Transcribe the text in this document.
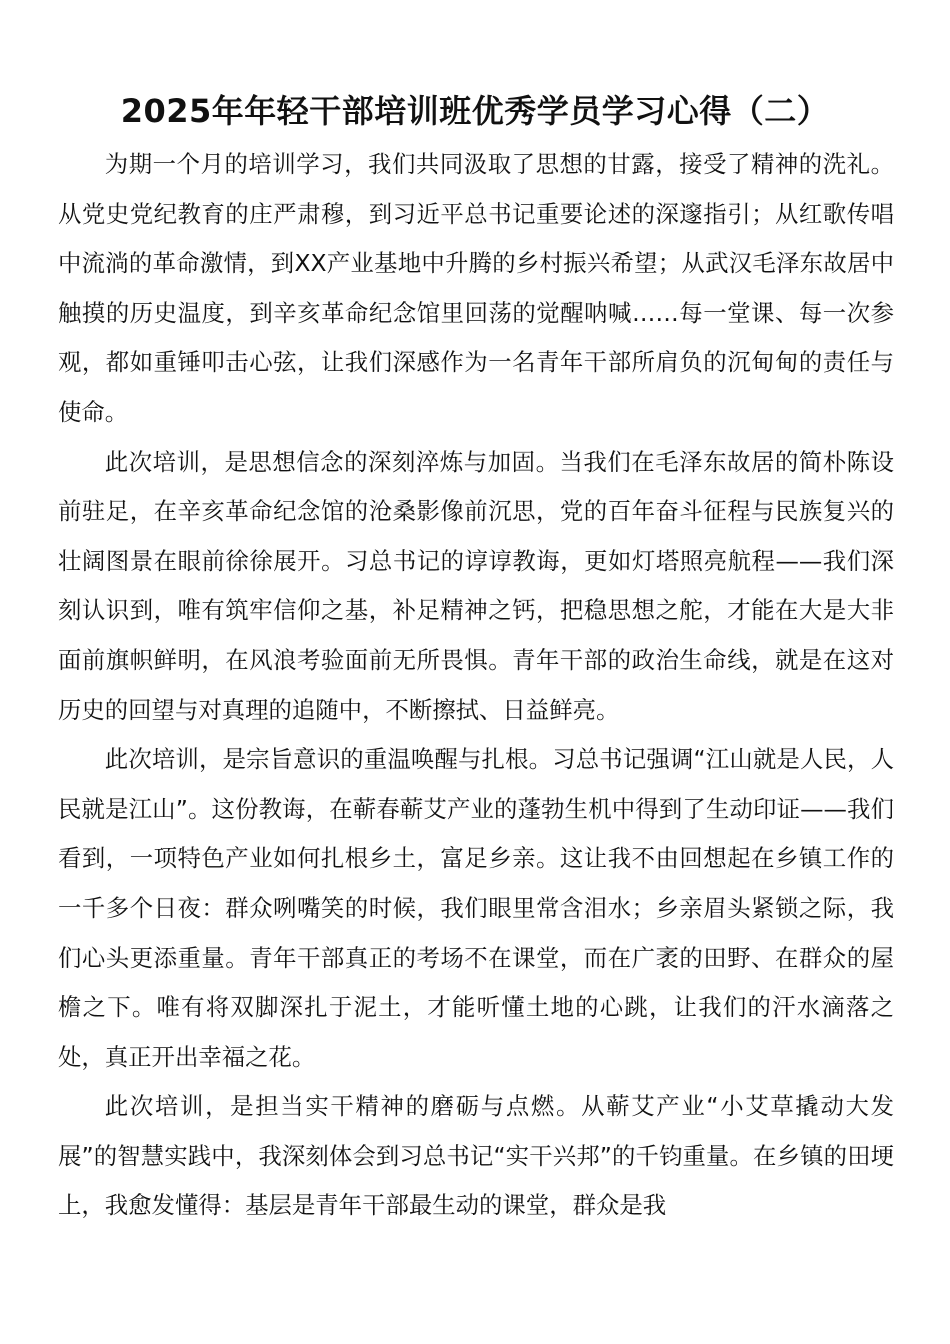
2025年年轻干部培训班优秀学员学习心得（二）

为期一个月的培训学习，我们共同汲取了思想的甘露，接受了精神的洗礼。从党史党纪教育的庄严肃穆，到习近平总书记重要论述的深邃指引；从红歌传唱中流淌的革命激情，到XX产业基地中升腾的乡村振兴希望；从武汉毛泽东故居中触摸的历史温度，到辛亥革命纪念馆里回荡的觉醒呐喊……每一堂课、每一次参观，都如重锤叩击心弦，让我们深感作为一名青年干部所肩负的沉甸甸的责任与使命。

此次培训，是思想信念的深刻淬炼与加固。当我们在毛泽东故居的简朴陈设前驻足，在辛亥革命纪念馆的沧桑影像前沉思，党的百年奋斗征程与民族复兴的壮阔图景在眼前徐徐展开。习总书记的谆谆教诲，更如灯塔照亮航程——我们深刻认识到，唯有筑牢信仰之基，补足精神之钙，把稳思想之舵，才能在大是大非面前旗帜鲜明，在风浪考验面前无所畏惧。青年干部的政治生命线，就是在这对历史的回望与对真理的追随中，不断擦拭、日益鲜亮。

此次培训，是宗旨意识的重温唤醒与扎根。习总书记强调“江山就是人民，人民就是江山”。这份教诲，在蕲春蕲艾产业的蓬勃生机中得到了生动印证——我们看到，一项特色产业如何扎根乡土，富足乡亲。这让我不由回想起在乡镇工作的一千多个日夜：群众咧嘴笑的时候，我们眼里常含泪水；乡亲眉头紧锁之际，我们心头更添重量。青年干部真正的考场不在课堂，而在广袤的田野、在群众的屋檐之下。唯有将双脚深扎于泥土，才能听懂土地的心跳，让我们的汗水滴落之处，真正开出幸福之花。

此次培训，是担当实干精神的磨砺与点燃。从蕲艾产业“小艾草撬动大发展”的智慧实践中，我深刻体会到习总书记“实干兴邦”的千钧重量。在乡镇的田埂上，我愈发懂得：基层是青年干部最生动的课堂，群众是我
